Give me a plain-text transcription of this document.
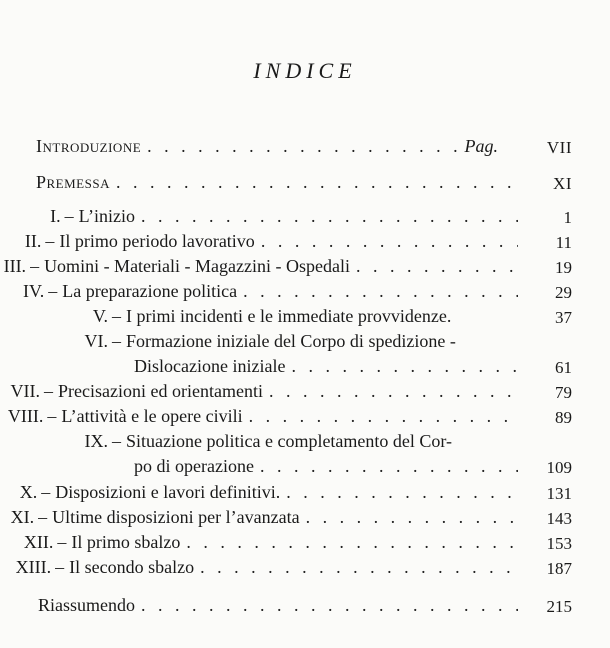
INDICE
Introduzione . . .	Pag.	VII
Premessa . . .	XI
I. – L’inizio . . .	1
II. – Il primo periodo lavorativo . . .	11
III. – Uomini - Materiali - Magazzini - Ospedali . . .	19
IV. – La preparazione politica . . .	29
V. – I primi incidenti e le immediate provvidenze.	37
VI. – Formazione iniziale del Corpo di spedizione -
Dislocazione iniziale . . .	61
VII. – Precisazioni ed orientamenti . . .	79
VIII. – L’attività e le opere civili . . .	89
IX. – Situazione politica e completamento del Cor-
po di operazione . . .	109
X. – Disposizioni e lavori definitivi. . . .	131
XI. – Ultime disposizioni per l’avanzata . . .	143
XII. – Il primo sbalzo . . .	153
XIII. – Il secondo sbalzo . . .	187
Riassumendo . . .	215
